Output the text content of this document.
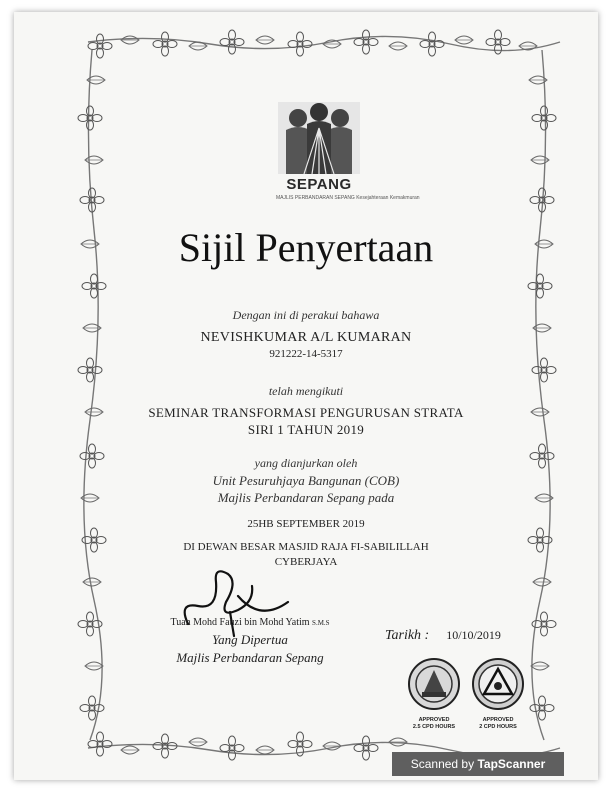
SEPANG
MAJLIS PERBANDARAN SEPANG Kesejahteraan Kemakmuran
Sijil Penyertaan
Dengan ini di perakui bahawa
NEVISHKUMAR A/L KUMARAN
921222-14-5317
telah mengikuti
SEMINAR TRANSFORMASI PENGURUSAN STRATA
SIRI 1 TAHUN 2019
yang dianjurkan oleh
Unit Pesuruhjaya Bangunan (COB)
Majlis Perbandaran Sepang pada
25HB SEPTEMBER 2019
DI DEWAN BESAR MASJID RAJA FI-SABILILLAH
CYBERJAYA
Tuan Mohd Fauzi bin Mohd Yatim S.M.S
Yang Dipertua
Majlis Perbandaran Sepang
Tarikh : 10/10/2019
APPROVED
2.5 CPD HOURS
APPROVED
2 CPD HOURS
Scanned by TapScanner
